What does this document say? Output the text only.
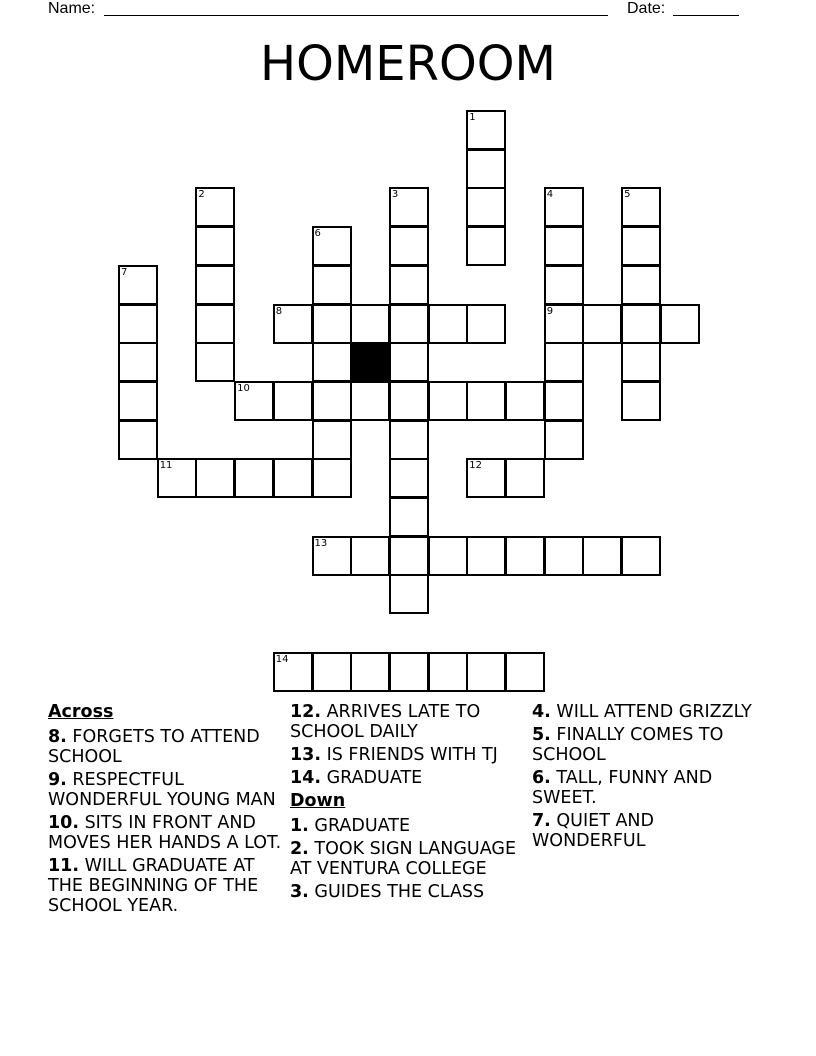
Name:	Date:
HOMEROOM
1
2	3	4	5
6
7
8	9
10
11	12
13
14

Across

8. FORGETS TO ATTEND SCHOOL

9. RESPECTFUL WONDERFUL YOUNG MAN

10. SITS IN FRONT AND MOVES HER HANDS A LOT.

11. WILL GRADUATE AT THE BEGINNING OF THE SCHOOL YEAR.

12. ARRIVES LATE TO SCHOOL DAILY

13. IS FRIENDS WITH TJ

14. GRADUATE

Down

1. GRADUATE

2. TOOK SIGN LANGUAGE AT VENTURA COLLEGE

3. GUIDES THE CLASS

4. WILL ATTEND GRIZZLY

5. FINALLY COMES TO SCHOOL

6. TALL, FUNNY AND SWEET.

7. QUIET AND WONDERFUL
